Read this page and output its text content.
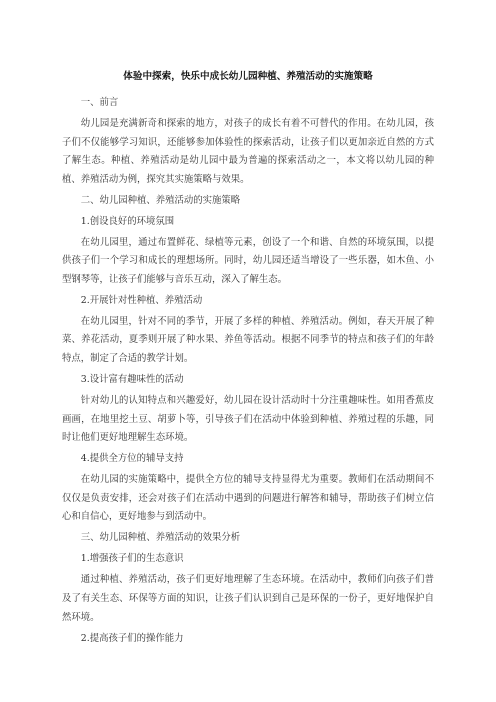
体验中探索，快乐中成长幼儿园种植、养殖活动的实施策略
一、前言
幼儿园是充满新奇和探索的地方，对孩子的成长有着不可替代的作用。在幼儿园，孩子们不仅能够学习知识，还能够参加体验性的探索活动，让孩子们以更加亲近自然的方式了解生态。种植、养殖活动是幼儿园中最为普遍的探索活动之一，本文将以幼儿园的种植、养殖活动为例，探究其实施策略与效果。
二、幼儿园种植、养殖活动的实施策略
1.创设良好的环境氛围
在幼儿园里，通过布置鲜花、绿植等元素，创设了一个和谐、自然的环境氛围，以提供孩子们一个学习和成长的理想场所。同时，幼儿园还适当增设了一些乐器，如木鱼、小型钢琴等，让孩子们能够与音乐互动，深入了解生态。
2.开展针对性种植、养殖活动
在幼儿园里，针对不同的季节，开展了多样的种植、养殖活动。例如，春天开展了种菜、养花活动，夏季则开展了种水果、养鱼等活动。根据不同季节的特点和孩子们的年龄特点，制定了合适的教学计划。
3.设计富有趣味性的活动
针对幼儿的认知特点和兴趣爱好，幼儿园在设计活动时十分注重趣味性。如用香蕉皮画画，在地里挖土豆、胡萝卜等，引导孩子们在活动中体验到种植、养殖过程的乐趣，同时让他们更好地理解生态环境。
4.提供全方位的辅导支持
在幼儿园的实施策略中，提供全方位的辅导支持显得尤为重要。教师们在活动期间不仅仅是负责安排，还会对孩子们在活动中遇到的问题进行解答和辅导，帮助孩子们树立信心和自信心，更好地参与到活动中。
三、幼儿园种植、养殖活动的效果分析
1.增强孩子们的生态意识
通过种植、养殖活动，孩子们更好地理解了生态环境。在活动中，教师们向孩子们普及了有关生态、环保等方面的知识，让孩子们认识到自己是环保的一份子，更好地保护自然环境。
2.提高孩子们的操作能力
